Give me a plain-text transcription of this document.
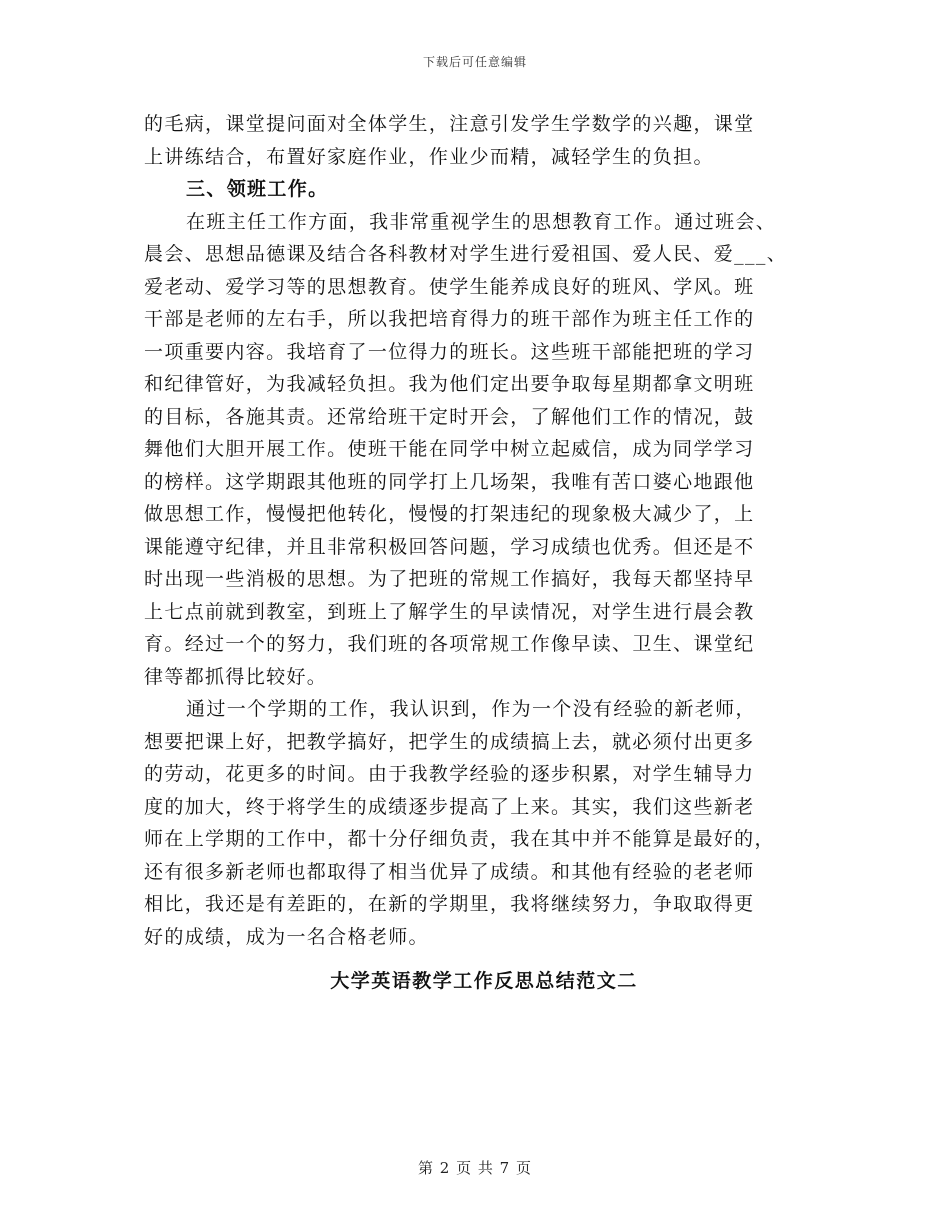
下载后可任意编辑
的毛病，课堂提问面对全体学生，注意引发学生学数学的兴趣，课堂
上讲练结合，布置好家庭作业，作业少而精，减轻学生的负担。
三、领班工作。
在班主任工作方面，我非常重视学生的思想教育工作。通过班会、
晨会、思想品德课及结合各科教材对学生进行爱祖国、爱人民、爱___、
爱老动、爱学习等的思想教育。使学生能养成良好的班风、学风。班
干部是老师的左右手，所以我把培育得力的班干部作为班主任工作的
一项重要内容。我培育了一位得力的班长。这些班干部能把班的学习
和纪律管好，为我减轻负担。我为他们定出要争取每星期都拿文明班
的目标，各施其责。还常给班干定时开会，了解他们工作的情况，鼓
舞他们大胆开展工作。使班干能在同学中树立起威信，成为同学学习
的榜样。这学期跟其他班的同学打上几场架，我唯有苦口婆心地跟他
做思想工作，慢慢把他转化，慢慢的打架违纪的现象极大减少了，上
课能遵守纪律，并且非常积极回答问题，学习成绩也优秀。但还是不
时出现一些消极的思想。为了把班的常规工作搞好，我每天都坚持早
上七点前就到教室，到班上了解学生的早读情况，对学生进行晨会教
育。经过一个的努力，我们班的各项常规工作像早读、卫生、课堂纪
律等都抓得比较好。
通过一个学期的工作，我认识到，作为一个没有经验的新老师，
想要把课上好，把教学搞好，把学生的成绩搞上去，就必须付出更多
的劳动，花更多的时间。由于我教学经验的逐步积累，对学生辅导力
度的加大，终于将学生的成绩逐步提高了上来。其实，我们这些新老
师在上学期的工作中，都十分仔细负责，我在其中并不能算是最好的，
还有很多新老师也都取得了相当优异了成绩。和其他有经验的老老师
相比，我还是有差距的，在新的学期里，我将继续努力，争取取得更
好的成绩，成为一名合格老师。
大学英语教学工作反思总结范文二
第 2 页 共 7 页
